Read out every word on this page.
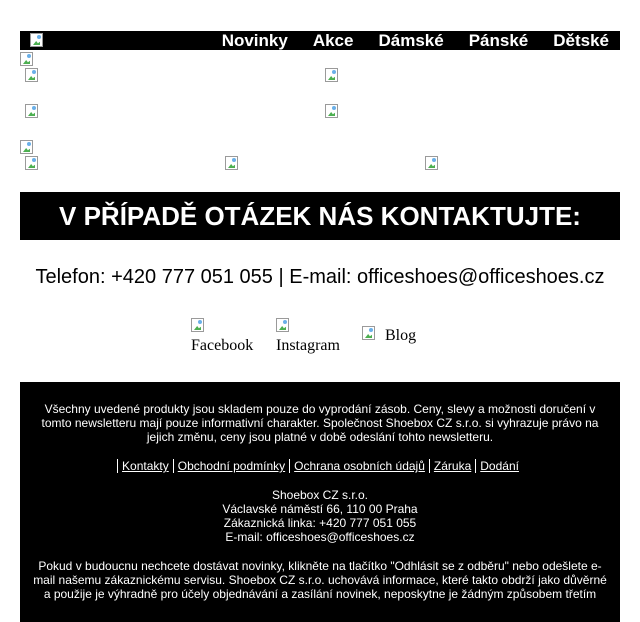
Novinky Akce Dámské Pánské Dětské
V PŘÍPADĚ OTÁZEK NÁS KONTAKTUJTE:
Telefon: +420 777 051 055 | E-mail: officeshoes@officeshoes.cz
Facebook Instagram
Blog
Všechny uvedené produkty jsou skladem pouze do vyprodání zásob. Ceny, slevy a možnosti doručení v tomto newsletteru mají pouze informativní charakter. Společnost Shoebox CZ s.r.o. si vyhrazuje právo na jejich změnu, ceny jsou platné v době odeslání tohto newsletteru.
Kontakty Obchodní podmínky Ochrana osobních údajů Záruka Dodání
Shoebox CZ s.r.o.
Václavské náměstí 66, 110 00 Praha
Zákaznická linka: +420 777 051 055
E-mail: officeshoes@officeshoes.cz
Pokud v budoucnu nechcete dostávat novinky, klikněte na tlačítko "Odhlásit se z odběru" nebo odešlete e-mail našemu zákaznickému servisu. Shoebox CZ s.r.o. uchovává informace, které takto obdrží jako důvěrné a použije je výhradně pro účely objednávání a zasílání novinek, neposkytne je žádným způsobem třetím
